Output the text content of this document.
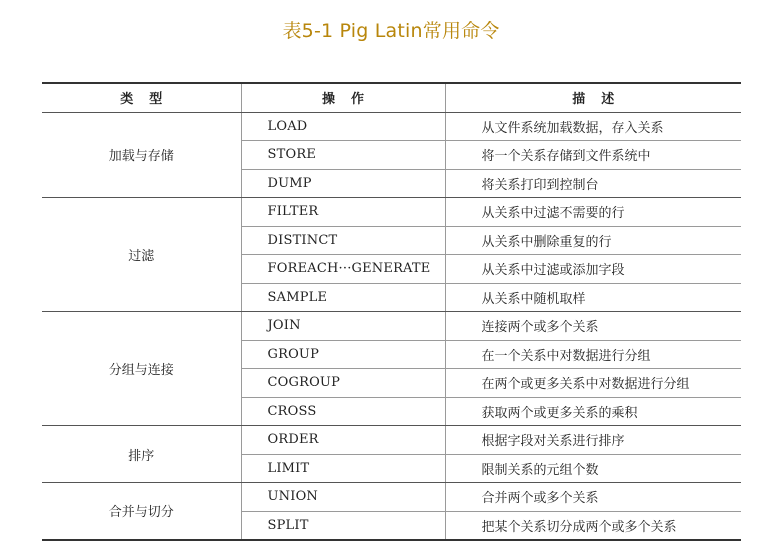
表5-1 Pig Latin常用命令
类型	操作	描述
加载与存储	LOAD	从文件系统加载数据，存入关系
	STORE	将一个关系存储到文件系统中
	DUMP	将关系打印到控制台
过滤	FILTER	从关系中过滤不需要的行
	DISTINCT	从关系中删除重复的行
	FOREACH···GENERATE	从关系中过滤或添加字段
	SAMPLE	从关系中随机取样
分组与连接	JOIN	连接两个或多个关系
	GROUP	在一个关系中对数据进行分组
	COGROUP	在两个或更多关系中对数据进行分组
	CROSS	获取两个或更多关系的乘积
排序	ORDER	根据字段对关系进行排序
	LIMIT	限制关系的元组个数
合并与切分	UNION	合并两个或多个关系
	SPLIT	把某个关系切分成两个或多个关系
